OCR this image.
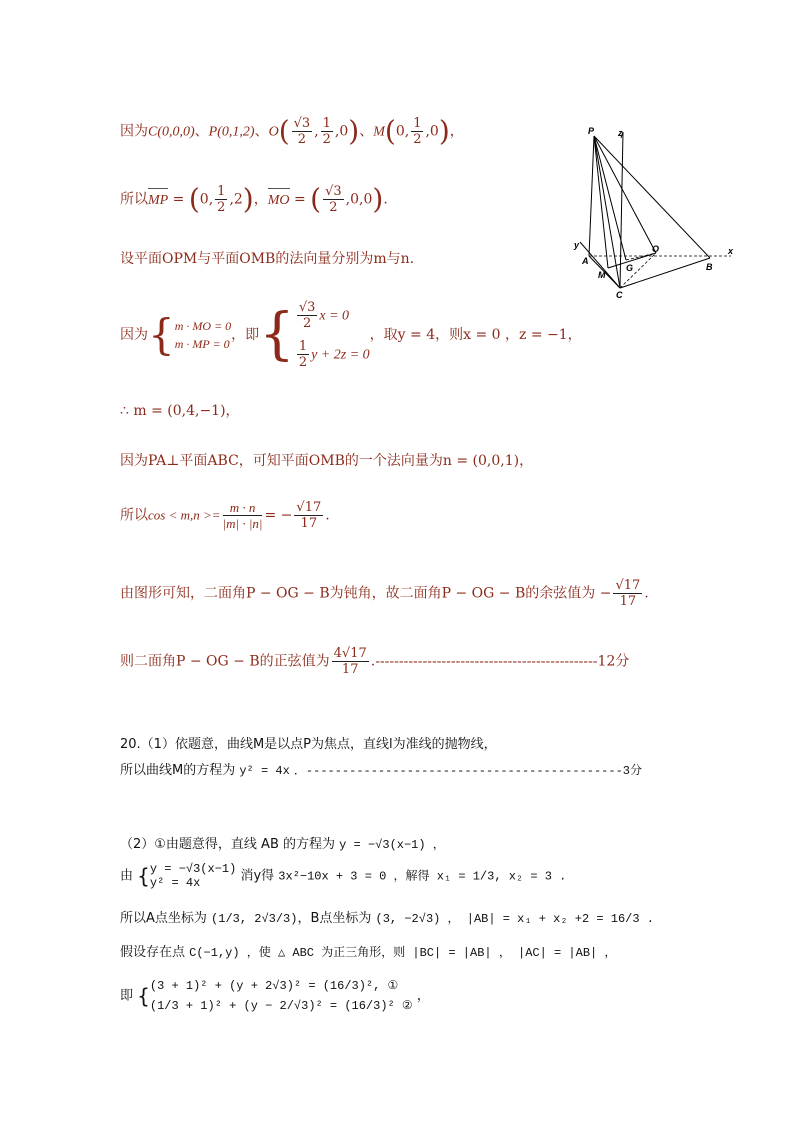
因为C(0,0,0)、P(0,1,2)、$O( \frac{√3}{2}$ , $\frac{1}{2} ,0$)、M(0, $\frac{1}{2} ,0$)，
所以MP = (0, $\frac{1}{2} ,2$)，MO = ( $\frac{√3}{2} ,0,0$).
设平面OPM与平面OMB的法向量分别为m与n.
因为{ m · MO = 0
m · MP = 0
，即{ $\frac{√3}{2}$ x = 0
$\frac{1}{2}$ y + 2z = 0
，取y = 4，则x = 0 ，z = −1，
∴ m = (0,4,−1)，
因为PA⊥平面ABC，可知平面OMB的一个法向量为n = (0,0,1)，
所以$\cos < m,n >= \frac{m \cdot n}{|m| \cdot |n|}$ = − $\frac{√17}{17}$ .
由图形可知，二面角P − OG − B为钝角，故二面角P − OG − B的余弦值为 − $\frac{√17}{17}$ .
则二面角P − OG − B的正弦值为 $\frac{4√17}{17} .-----------------------------------------------12$分
20.（1）依题意，曲线M是以点P为焦点，直线l为准线的抛物线，
所以曲线M的方程为 y² = 4x ．--------------------------------------------3分
（2）①由题意得，直线 AB 的方程为 y = −√3(x−1) ，
由 { y = −√3(x−1)
y² = 4x	消y得 3x²−10x + 3 = 0 ，解得 x₁ = 1/3, x₂ = 3 .
所以A点坐标为 (1/3, 2√3/3)，B点坐标为 (3, −2√3) ， |AB| = x₁ + x₂ +2 = 16/3 .
假设存在点 C(−1,y) ，使 △ ABC 为正三角形，则 |BC| = |AB| ， |AC| = |AB| ，
即 { (3 + 1)² + (y + 2√3)² = (16/3)², ①
(1/3 + 1)² + (y − 2/√3)² = (16/3)² ②
，
P	z
y
A
M
G
O
B
x
C
